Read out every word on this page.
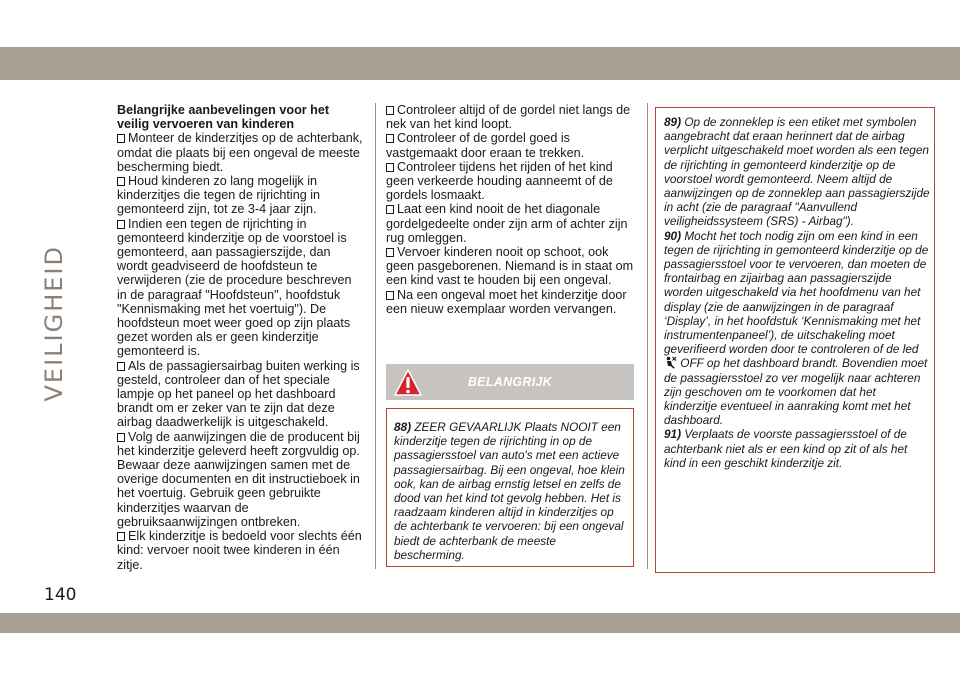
VEILIGHEID
140

Belangrijke aanbevelingen voor het veilig vervoeren van kinderen

Monteer de kinderzitjes op de achterbank, omdat die plaats bij een ongeval de meeste bescherming biedt.

Houd kinderen zo lang mogelijk in kinderzitjes die tegen de rijrichting in gemonteerd zijn, tot ze 3-4 jaar zijn.

Indien een tegen de rijrichting in gemonteerd kinderzitje op de voorstoel is gemonteerd, aan passagierszijde, dan wordt geadviseerd de hoofdsteun te verwijderen (zie de procedure beschreven in de paragraaf "Hoofdsteun", hoofdstuk "Kennismaking met het voertuig"). De hoofdsteun moet weer goed op zijn plaats gezet worden als er geen kinderzitje gemonteerd is.

Als de passagiersairbag buiten werking is gesteld, controleer dan of het speciale lampje op het paneel op het dashboard brandt om er zeker van te zijn dat deze airbag daadwerkelijk is uitgeschakeld.

Volg de aanwijzingen die de producent bij het kinderzitje geleverd heeft zorgvuldig op. Bewaar deze aanwijzingen samen met de overige documenten en dit instructieboek in het voertuig. Gebruik geen gebruikte kinderzitjes waarvan de gebruiksaanwijzingen ontbreken.

Elk kinderzitje is bedoeld voor slechts één kind: vervoer nooit twee kinderen in één zitje.

Controleer altijd of de gordel niet langs de nek van het kind loopt.

Controleer of de gordel goed is vastgemaakt door eraan te trekken.

Controleer tijdens het rijden of het kind geen verkeerde houding aanneemt of de gordels losmaakt.

Laat een kind nooit de het diagonale gordelgedeelte onder zijn arm of achter zijn rug omleggen.

Vervoer kinderen nooit op schoot, ook geen pasgeborenen. Niemand is in staat om een kind vast te houden bij een ongeval.

Na een ongeval moet het kinderzitje door een nieuw exemplaar worden vervangen.

BELANGRIJK
88) ZEER GEVAARLIJK Plaats NOOIT een kinderzitje tegen de rijrichting in op de passagiersstoel van auto's met een actieve passagiersairbag. Bij een ongeval, hoe klein ook, kan de airbag ernstig letsel en zelfs de dood van het kind tot gevolg hebben. Het is raadzaam kinderen altijd in kinderzitjes op de achterbank te vervoeren: bij een ongeval biedt de achterbank de meeste bescherming.

89) Op de zonneklep is een etiket met symbolen aangebracht dat eraan herinnert dat de airbag verplicht uitgeschakeld moet worden als een tegen de rijrichting in gemonteerd kinderzitje op de voorstoel wordt gemonteerd. Neem altijd de aanwijzingen op de zonneklep aan passagierszijde in acht (zie de paragraaf "Aanvullend veiligheidssysteem (SRS) - Airbag").

90) Mocht het toch nodig zijn om een kind in een tegen de rijrichting in gemonteerd kinderzitje op de passagiersstoel voor te vervoeren, dan moeten de frontairbag en zijairbag aan passagierszijde worden uitgeschakeld via het hoofdmenu van het display (zie de aanwijzingen in de paragraaf ‘Display’, in het hoofdstuk ‘Kennismaking met het instrumentenpaneel’), de uitschakeling moet geverifieerd worden door te controleren of de led  OFF op het dashboard brandt. Bovendien moet de passagiersstoel zo ver mogelijk naar achteren zijn geschoven om te voorkomen dat het kinderzitje eventueel in aanraking komt met het dashboard.

91) Verplaats de voorste passagiersstoel of de achterbank niet als er een kind op zit of als het kind in een geschikt kinderzitje zit.
